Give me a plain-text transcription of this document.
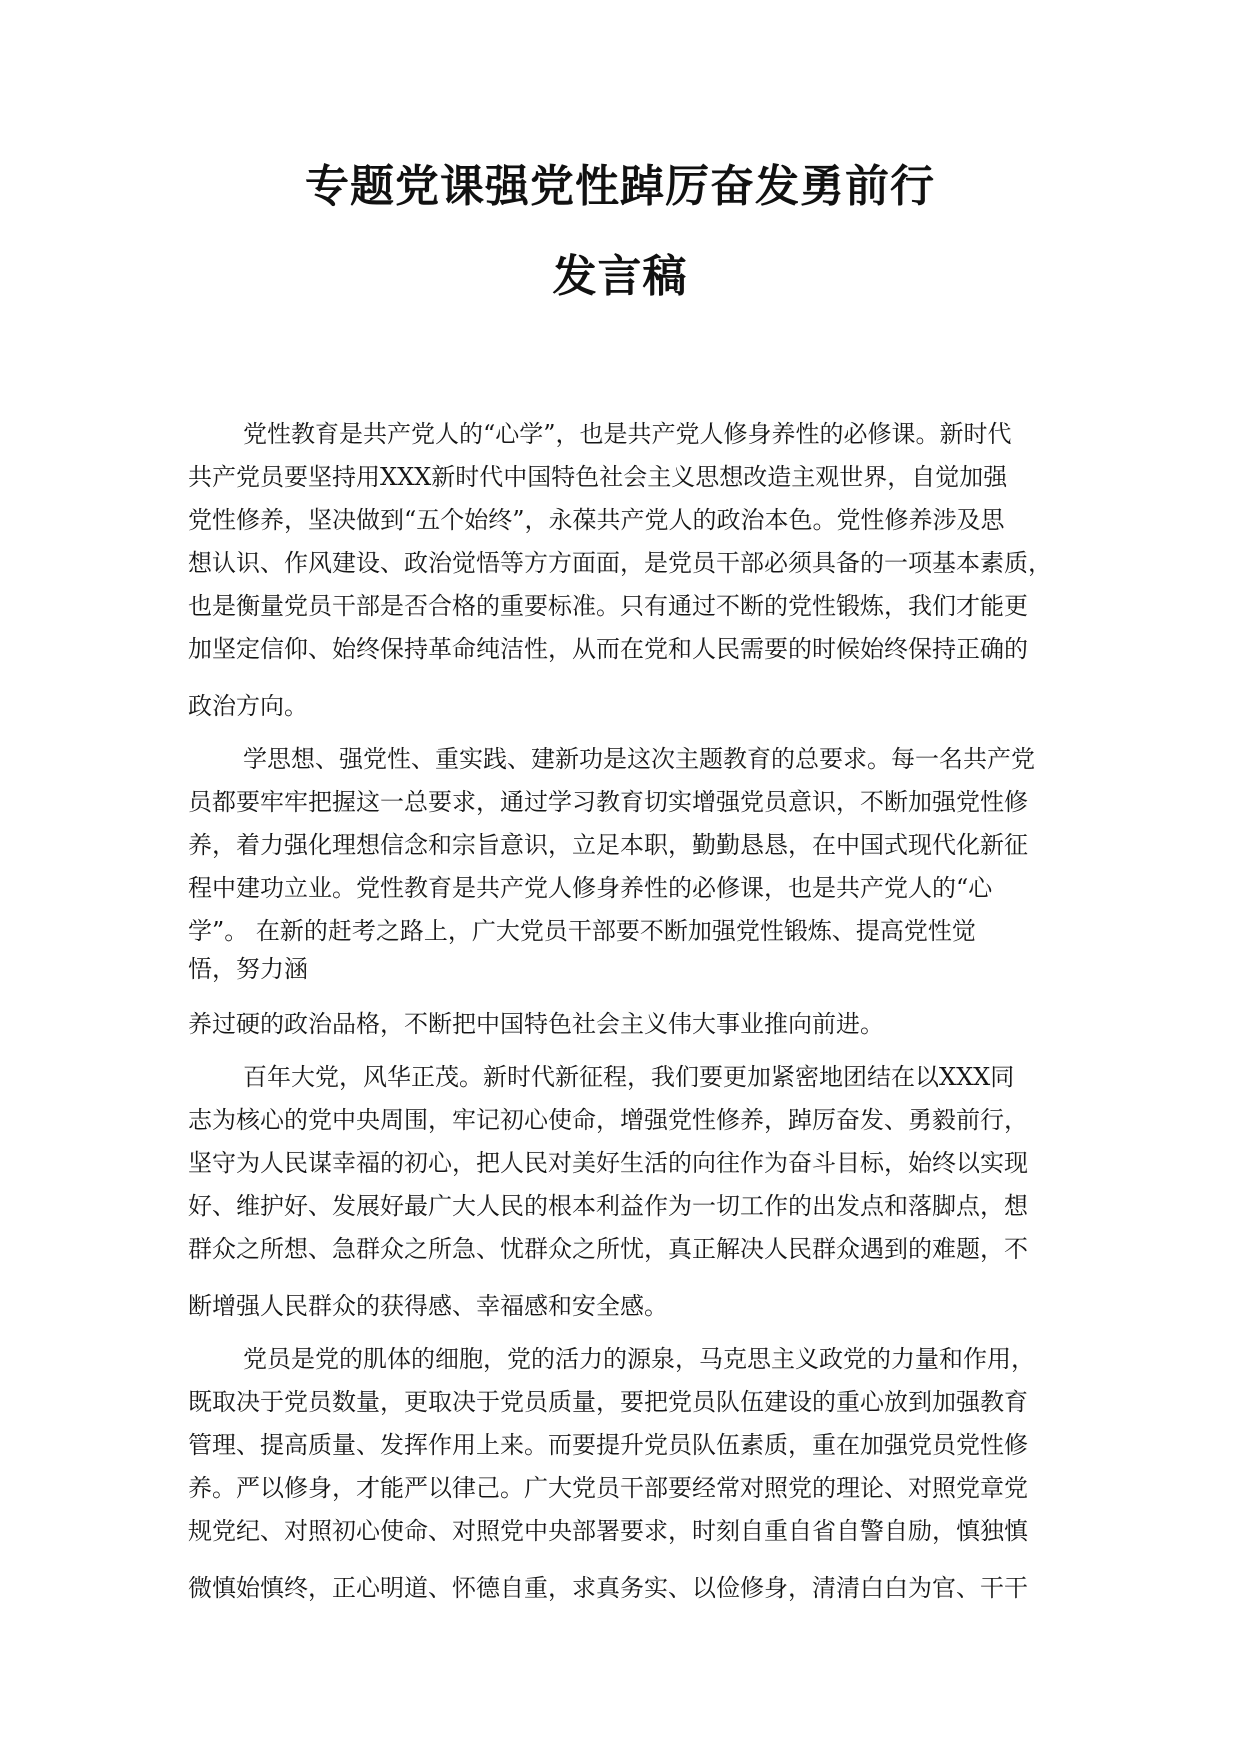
专题党课强党性踔厉奋发勇前行
发言稿
党性教育是共产党人的“心学”，也是共产党人修身养性的必修课。新时代
共产党员要坚持用XXX新时代中国特色社会主义思想改造主观世界，自觉加强
党性修养，坚决做到“五个始终”，永葆共产党人的政治本色。党性修养涉及思
想认识、作风建设、政治觉悟等方方面面，是党员干部必须具备的一项基本素质，
也是衡量党员干部是否合格的重要标准。只有通过不断的党性锻炼，我们才能更
加坚定信仰、始终保持革命纯洁性，从而在党和人民需要的时候始终保持正确的
政治方向。
学思想、强党性、重实践、建新功是这次主题教育的总要求。每一名共产党
员都要牢牢把握这一总要求，通过学习教育切实增强党员意识，不断加强党性修
养，着力强化理想信念和宗旨意识，立足本职，勤勤恳恳，在中国式现代化新征
程中建功立业。党性教育是共产党人修身养性的必修课，也是共产党人的“心
学”。 在新的赶考之路上，广大党员干部要不断加强党性锻炼、提高党性觉
悟，努力涵
养过硬的政治品格，不断把中国特色社会主义伟大事业推向前进。
百年大党，风华正茂。新时代新征程，我们要更加紧密地团结在以XXX同
志为核心的党中央周围，牢记初心使命，增强党性修养，踔厉奋发、勇毅前行，
坚守为人民谋幸福的初心，把人民对美好生活的向往作为奋斗目标，始终以实现
好、维护好、发展好最广大人民的根本利益作为一切工作的出发点和落脚点，想
群众之所想、急群众之所急、忧群众之所忧，真正解决人民群众遇到的难题，不
断增强人民群众的获得感、幸福感和安全感。
党员是党的肌体的细胞，党的活力的源泉，马克思主义政党的力量和作用，
既取决于党员数量，更取决于党员质量，要把党员队伍建设的重心放到加强教育
管理、提高质量、发挥作用上来。而要提升党员队伍素质，重在加强党员党性修
养。严以修身，才能严以律己。广大党员干部要经常对照党的理论、对照党章党
规党纪、对照初心使命、对照党中央部署要求，时刻自重自省自警自励，慎独慎
微慎始慎终，正心明道、怀德自重，求真务实、以俭修身，清清白白为官、干干
